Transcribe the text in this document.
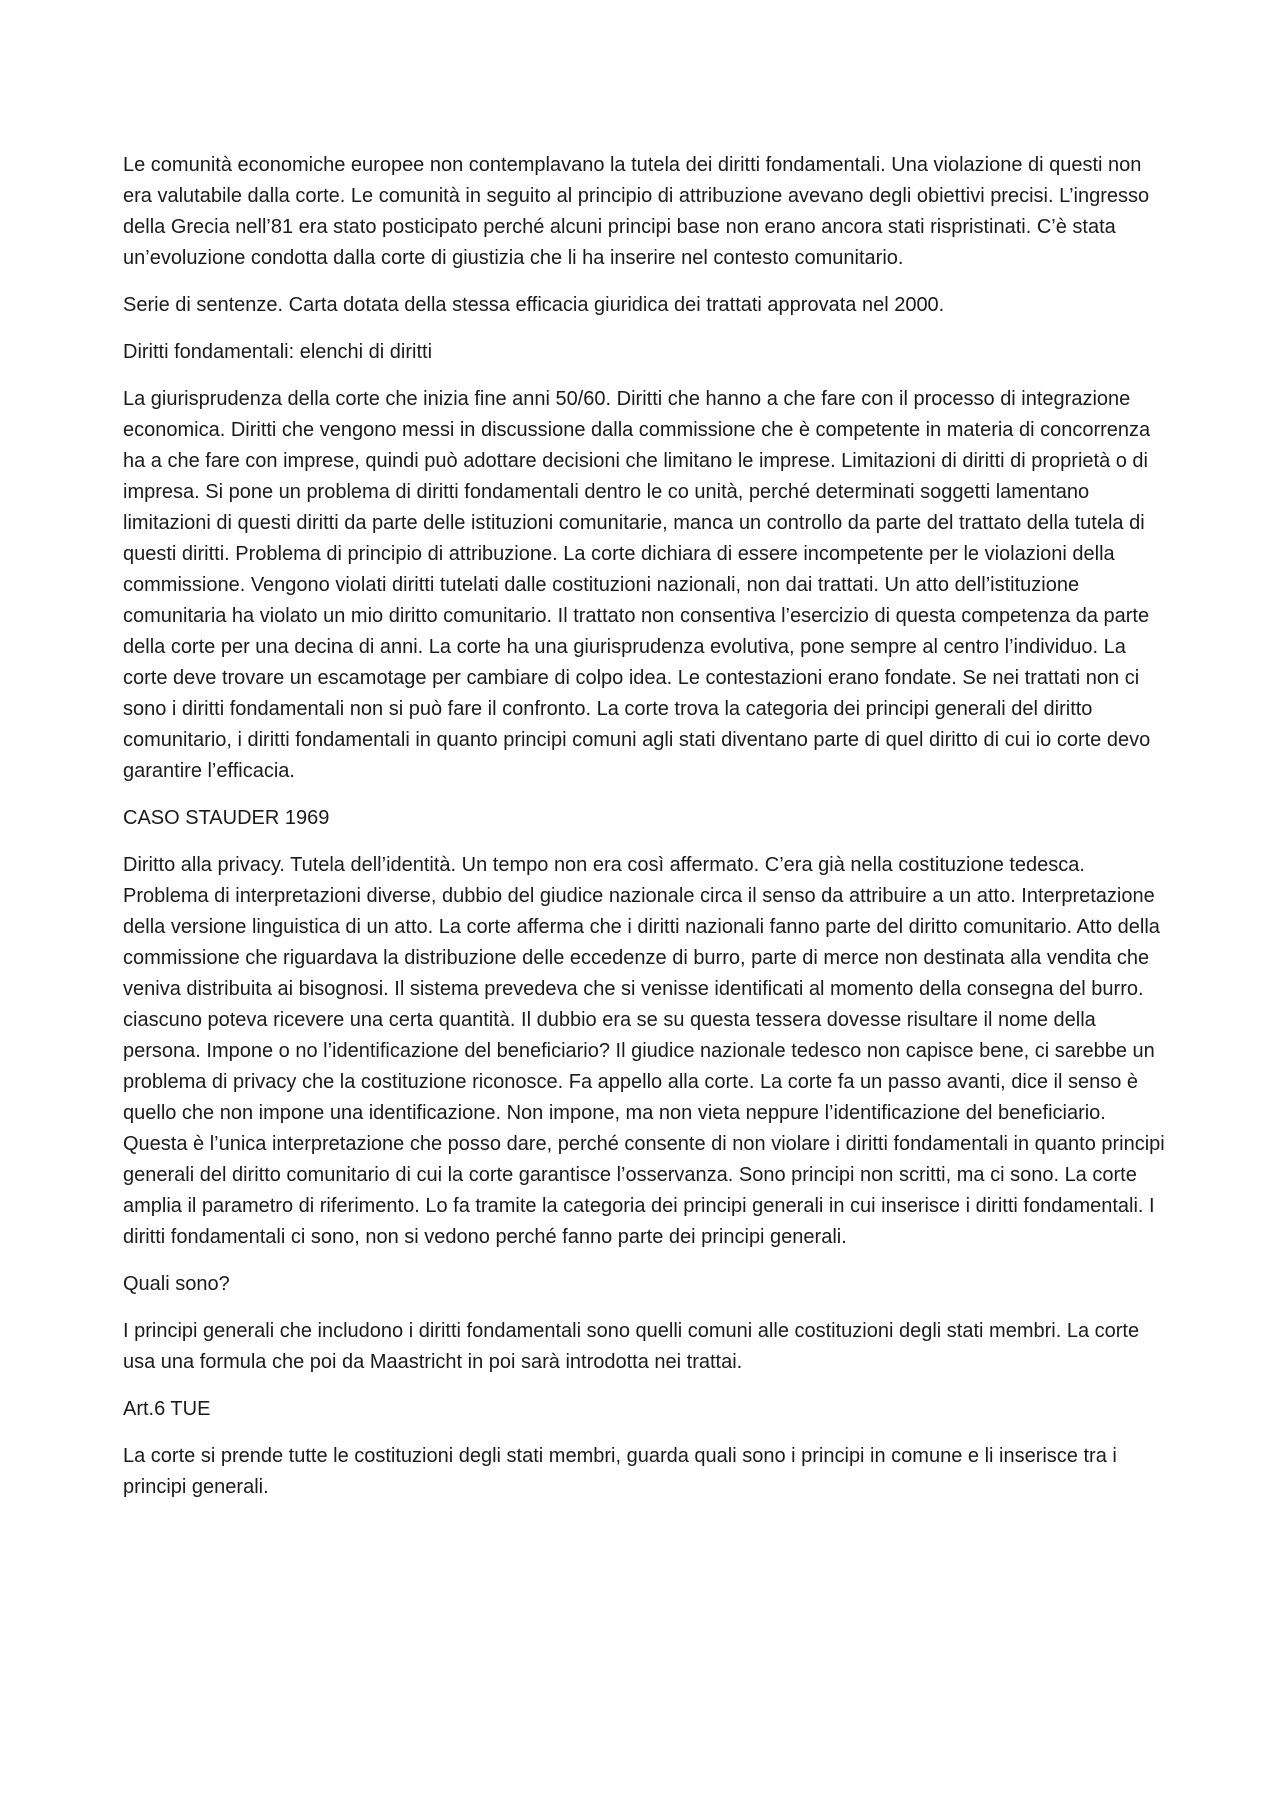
Le comunità economiche europee non contemplavano la tutela dei diritti fondamentali. Una violazione di questi non era valutabile dalla corte. Le comunità in seguito al principio di attribuzione avevano degli obiettivi precisi. L’ingresso della Grecia nell’81 era stato posticipato perché alcuni principi base non erano ancora stati rispristinati. C’è stata un’evoluzione condotta dalla corte di giustizia che li ha inserire nel contesto comunitario.

Serie di sentenze. Carta dotata della stessa efficacia giuridica dei trattati approvata nel 2000.

Diritti fondamentali: elenchi di diritti

La giurisprudenza della corte che inizia fine anni 50/60. Diritti che hanno a che fare con il processo di integrazione economica. Diritti che vengono messi in discussione dalla commissione che è competente in materia di concorrenza ha a che fare con imprese, quindi può adottare decisioni che limitano le imprese. Limitazioni di diritti di proprietà o di impresa. Si pone un problema di diritti fondamentali dentro le co unità, perché determinati soggetti lamentano limitazioni di questi diritti da parte delle istituzioni comunitarie, manca un controllo da parte del trattato della tutela di questi diritti. Problema di principio di attribuzione. La corte dichiara di essere incompetente per le violazioni della commissione. Vengono violati diritti tutelati dalle costituzioni nazionali, non dai trattati. Un atto dell’istituzione comunitaria ha violato un mio diritto comunitario. Il trattato non consentiva l’esercizio di questa competenza da parte della corte per una decina di anni. La corte ha una giurisprudenza evolutiva, pone sempre al centro l’individuo. La corte deve trovare un escamotage per cambiare di colpo idea. Le contestazioni erano fondate. Se nei trattati non ci sono i diritti fondamentali non si può fare il confronto. La corte trova la categoria dei principi generali del diritto comunitario, i diritti fondamentali in quanto principi comuni agli stati diventano parte di quel diritto di cui io corte devo garantire l’efficacia.

CASO STAUDER 1969

Diritto alla privacy. Tutela dell’identità. Un tempo non era così affermato. C’era già nella costituzione tedesca. Problema di interpretazioni diverse, dubbio del giudice nazionale circa il senso da attribuire a un atto. Interpretazione della versione linguistica di un atto. La corte afferma che i diritti nazionali fanno parte del diritto comunitario. Atto della commissione che riguardava la distribuzione delle eccedenze di burro, parte di merce non destinata alla vendita che veniva distribuita ai bisognosi. Il sistema prevedeva che si venisse identificati al momento della consegna del burro. ciascuno poteva ricevere una certa quantità. Il dubbio era se su questa tessera dovesse risultare il nome della persona. Impone o no l’identificazione del beneficiario? Il giudice nazionale tedesco non capisce bene, ci sarebbe un problema di privacy che la costituzione riconosce. Fa appello alla corte. La corte fa un passo avanti, dice il senso è quello che non impone una identificazione. Non impone, ma non vieta neppure l’identificazione del beneficiario. Questa è l’unica interpretazione che posso dare, perché consente di non violare i diritti fondamentali in quanto principi generali del diritto comunitario di cui la corte garantisce l’osservanza. Sono principi non scritti, ma ci sono. La corte amplia il parametro di riferimento. Lo fa tramite la categoria dei principi generali in cui inserisce i diritti fondamentali. I diritti fondamentali ci sono, non si vedono perché fanno parte dei principi generali.

Quali sono?

I principi generali che includono i diritti fondamentali sono quelli comuni alle costituzioni degli stati membri. La corte usa una formula che poi da Maastricht in poi sarà introdotta nei trattai.

Art.6 TUE

La corte si prende tutte le costituzioni degli stati membri, guarda quali sono i principi in comune e li inserisce tra i principi generali.
